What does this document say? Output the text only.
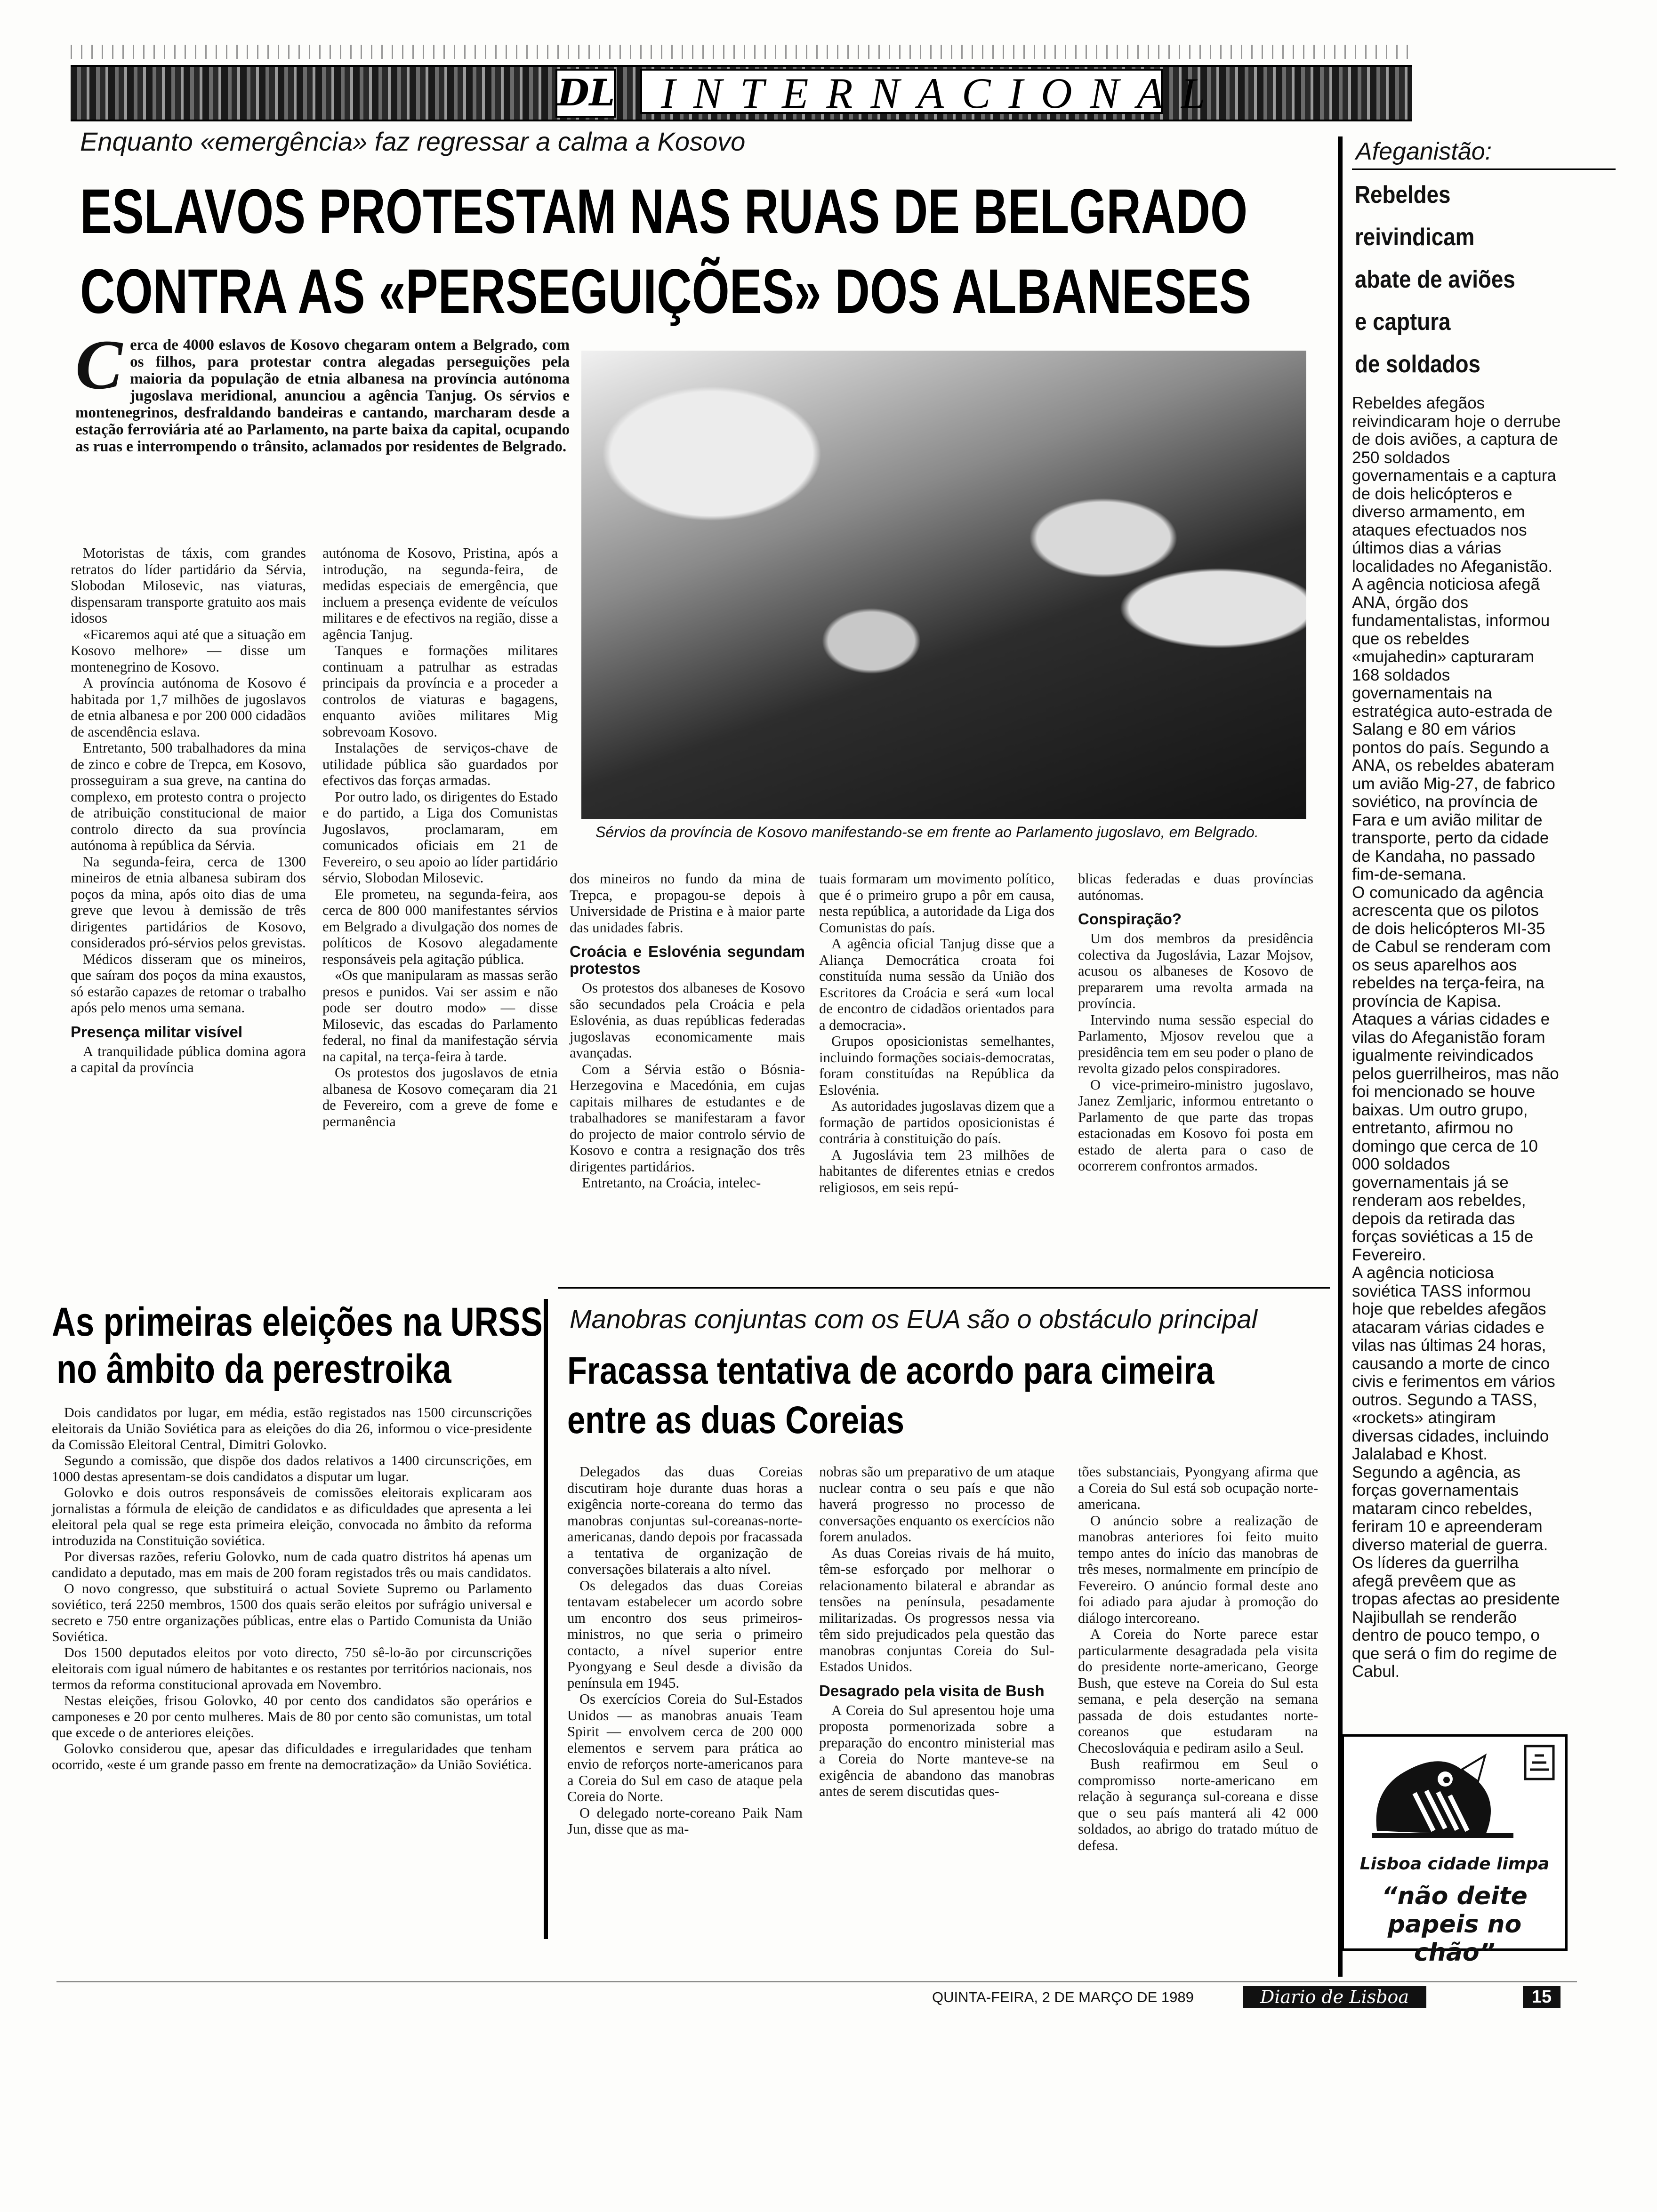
DL	INTERNACIONAL
Enquanto «emergência» faz regressar a calma a Kosovo
ESLAVOS PROTESTAM NAS RUAS DE BELGRADO
CONTRA AS «PERSEGUIÇÕES» DOS ALBANESES
Cerca de 4000 eslavos de Kosovo chegaram ontem a Belgrado, com os filhos, para protestar contra alegadas perseguições pela maioria da população de etnia albanesa na província autónoma jugoslava meridional, anunciou a agência Tanjug. Os sérvios e montenegrinos, desfraldando bandeiras e cantando, marcharam desde a estação ferroviária até ao Parlamento, na parte baixa da capital, ocupando as ruas e interrompendo o trânsito, aclamados por residentes de Belgrado.
Sérvios da província de Kosovo manifestando-se em frente ao Parlamento jugoslavo, em Belgrado.

Motoristas de táxis, com grandes retratos do líder partidário da Sérvia, Slobodan Milosevic, nas viaturas, dispensaram transporte gratuito aos mais idosos

«Ficaremos aqui até que a situação em Kosovo melhore» — disse um montenegrino de Kosovo.

A província autónoma de Kosovo é habitada por 1,7 milhões de jugoslavos de etnia albanesa e por 200 000 cidadãos de ascendência eslava.

Entretanto, 500 trabalhadores da mina de zinco e cobre de Trepca, em Kosovo, prosseguiram a sua greve, na cantina do complexo, em protesto contra o projecto de atribuição constitucional de maior controlo directo da sua província autónoma à república da Sérvia.

Na segunda-feira, cerca de 1300 mineiros de etnia albanesa subiram dos poços da mina, após oito dias de uma greve que levou à demissão de três dirigentes partidários de Kosovo, considerados pró-sérvios pelos grevistas.

Médicos disseram que os mineiros, que saíram dos poços da mina exaustos, só estarão capazes de retomar o trabalho após pelo menos uma semana.

Presença militar visível

A tranquilidade pública domina agora a capital da província

autónoma de Kosovo, Pristina, após a introdução, na segunda-feira, de medidas especiais de emergência, que incluem a presença evidente de veículos militares e de efectivos na região, disse a agência Tanjug.

Tanques e formações militares continuam a patrulhar as estradas principais da província e a proceder a controlos de viaturas e bagagens, enquanto aviões militares Mig sobrevoam Kosovo.

Instalações de serviços-chave de utilidade pública são guardados por efectivos das forças armadas.

Por outro lado, os dirigentes do Estado e do partido, a Liga dos Comunistas Jugoslavos, proclamaram, em comunicados oficiais em 21 de Fevereiro, o seu apoio ao líder partidário sérvio, Slobodan Milosevic.

Ele prometeu, na segunda-feira, aos cerca de 800 000 manifestantes sérvios em Belgrado a divulgação dos nomes de políticos de Kosovo alegadamente responsáveis pela agitação pública.

«Os que manipularam as massas serão presos e punidos. Vai ser assim e não pode ser doutro modo» — disse Milosevic, das escadas do Parlamento federal, no final da manifestação sérvia na capital, na terça-feira à tarde.

Os protestos dos jugoslavos de etnia albanesa de Kosovo começaram dia 21 de Fevereiro, com a greve de fome e permanência

dos mineiros no fundo da mina de Trepca, e propagou-se depois à Universidade de Pristina e à maior parte das unidades fabris.

Croácia e Eslovénia segundam protestos

Os protestos dos albaneses de Kosovo são secundados pela Croácia e pela Eslovénia, as duas repúblicas federadas jugoslavas economicamente mais avançadas.

Com a Sérvia estão o Bósnia-Herzegovina e Macedónia, em cujas capitais milhares de estudantes e de trabalhadores se manifestaram a favor do projecto de maior controlo sérvio de Kosovo e contra a resignação dos três dirigentes partidários.

Entretanto, na Croácia, intelec-

tuais formaram um movimento político, que é o primeiro grupo a pôr em causa, nesta república, a autoridade da Liga dos Comunistas do país.

A agência oficial Tanjug disse que a Aliança Democrática croata foi constituída numa sessão da União dos Escritores da Croácia e será «um local de encontro de cidadãos orientados para a democracia».

Grupos oposicionistas semelhantes, incluindo formações sociais-democratas, foram constituídas na República da Eslovénia.

As autoridades jugoslavas dizem que a formação de partidos oposicionistas é contrária à constituição do país.

A Jugoslávia tem 23 milhões de habitantes de diferentes etnias e credos religiosos, em seis repú-

blicas federadas e duas províncias autónomas.

Conspiração?

Um dos membros da presidência colectiva da Jugoslávia, Lazar Mojsov, acusou os albaneses de Kosovo de prepararem uma revolta armada na província.

Intervindo numa sessão especial do Parlamento, Mjosov revelou que a presidência tem em seu poder o plano de revolta gizado pelos conspiradores.

O vice-primeiro-ministro jugoslavo, Janez Zemljaric, informou entretanto o Parlamento de que parte das tropas estacionadas em Kosovo foi posta em estado de alerta para o caso de ocorrerem confrontos armados.

As primeiras eleições na URSS
no âmbito da perestroika

Dois candidatos por lugar, em média, estão registados nas 1500 circunscrições eleitorais da União Soviética para as eleições do dia 26, informou o vice-presidente da Comissão Eleitoral Central, Dimitri Golovko.

Segundo a comissão, que dispõe dos dados relativos a 1400 circunscrições, em 1000 destas apresentam-se dois candidatos a disputar um lugar.

Golovko e dois outros responsáveis de comissões eleitorais explicaram aos jornalistas a fórmula de eleição de candidatos e as dificuldades que apresenta a lei eleitoral pela qual se rege esta primeira eleição, convocada no âmbito da reforma introduzida na Constituição soviética.

Por diversas razões, referiu Golovko, num de cada quatro distritos há apenas um candidato a deputado, mas em mais de 200 foram registados três ou mais candidatos.

O novo congresso, que substituirá o actual Soviete Supremo ou Parlamento soviético, terá 2250 membros, 1500 dos quais serão eleitos por sufrágio universal e secreto e 750 entre organizações públicas, entre elas o Partido Comunista da União Soviética.

Dos 1500 deputados eleitos por voto directo, 750 sê-lo-ão por circunscrições eleitorais com igual número de habitantes e os restantes por territórios nacionais, nos termos da reforma constitucional aprovada em Novembro.

Nestas eleições, frisou Golovko, 40 por cento dos candidatos são operários e camponeses e 20 por cento mulheres. Mais de 80 por cento são comunistas, um total que excede o de anteriores eleições.

Golovko considerou que, apesar das dificuldades e irregularidades que tenham ocorrido, «este é um grande passo em frente na democratização» da União Soviética.

Manobras conjuntas com os EUA são o obstáculo principal
Fracassa tentativa de acordo para cimeira
entre as duas Coreias

Delegados das duas Coreias discutiram hoje durante duas horas a exigência norte-coreana do termo das manobras conjuntas sul-coreanas-norte-americanas, dando depois por fracassada a tentativa de organização de conversações bilaterais a alto nível.

Os delegados das duas Coreias tentavam estabelecer um acordo sobre um encontro dos seus primeiros-ministros, no que seria o primeiro contacto, a nível superior entre Pyongyang e Seul desde a divisão da península em 1945.

Os exercícios Coreia do Sul-Estados Unidos — as manobras anuais Team Spirit — envolvem cerca de 200 000 elementos e servem para prática ao envio de reforços norte-americanos para a Coreia do Sul em caso de ataque pela Coreia do Norte.

O delegado norte-coreano Paik Nam Jun, disse que as ma-

nobras são um preparativo de um ataque nuclear contra o seu país e que não haverá progresso no processo de conversações enquanto os exercícios não forem anulados.

As duas Coreias rivais de há muito, têm-se esforçado por melhorar o relacionamento bilateral e abrandar as tensões na península, pesadamente militarizadas. Os progressos nessa via têm sido prejudicados pela questão das manobras conjuntas Coreia do Sul-Estados Unidos.

Desagrado pela visita de Bush

A Coreia do Sul apresentou hoje uma proposta pormenorizada sobre a preparação do encontro ministerial mas a Coreia do Norte manteve-se na exigência de abandono das manobras antes de serem discutidas ques-

tões substanciais, Pyongyang afirma que a Coreia do Sul está sob ocupação norte-americana.

O anúncio sobre a realização de manobras anteriores foi feito muito tempo antes do início das manobras de três meses, normalmente em princípio de Fevereiro. O anúncio formal deste ano foi adiado para ajudar à promoção do diálogo intercoreano.

A Coreia do Norte parece estar particularmente desagradada pela visita do presidente norte-americano, George Bush, que esteve na Coreia do Sul esta semana, e pela deserção na semana passada de dois estudantes norte-coreanos que estudaram na Checoslováquia e pediram asilo a Seul.

Bush reafirmou em Seul o compromisso norte-americano em relação à segurança sul-coreana e disse que o seu país manterá ali 42 000 soldados, ao abrigo do tratado mútuo de defesa.

Afeganistão:
Rebeldes
reivindicam
abate de aviões
e captura
de soldados
Rebeldes afegãos reivindicaram hoje o derrube de dois aviões, a captura de 250 soldados governamentais e a captura de dois helicópteros e diverso armamento, em ataques efectuados nos últimos dias a várias localidades no Afeganistão.
A agência noticiosa afegã ANA, órgão dos fundamentalistas, informou que os rebeldes «mujahedin» capturaram 168 soldados governamentais na estratégica auto-estrada de Salang e 80 em vários pontos do país. Segundo a ANA, os rebeldes abateram um avião Mig-27, de fabrico soviético, na província de Fara e um avião militar de transporte, perto da cidade de Kandaha, no passado fim-de-semana.
O comunicado da agência acrescenta que os pilotos de dois helicópteros MI-35 de Cabul se renderam com os seus aparelhos aos rebeldes na terça-feira, na província de Kapisa. Ataques a várias cidades e vilas do Afeganistão foram igualmente reivindicados pelos guerrilheiros, mas não foi mencionado se houve baixas. Um outro grupo, entretanto, afirmou no domingo que cerca de 10 000 soldados governamentais já se renderam aos rebeldes, depois da retirada das forças soviéticas a 15 de Fevereiro.
A agência noticiosa soviética TASS informou hoje que rebeldes afegãos atacaram várias cidades e vilas nas últimas 24 horas, causando a morte de cinco civis e ferimentos em vários outros. Segundo a TASS, «rockets» atingiram diversas cidades, incluindo Jalalabad e Khost.
Segundo a agência, as forças governamentais mataram cinco rebeldes, feriram 10 e apreenderam diverso material de guerra. Os líderes da guerrilha afegã prevêem que as tropas afectas ao presidente Najibullah se renderão dentro de pouco tempo, o que será o fim do regime de Cabul.
Lisboa cidade limpa
“não deite
papeis no chão”
QUINTA-FEIRA, 2 DE MARÇO DE 1989	Diario de Lisboa	15
